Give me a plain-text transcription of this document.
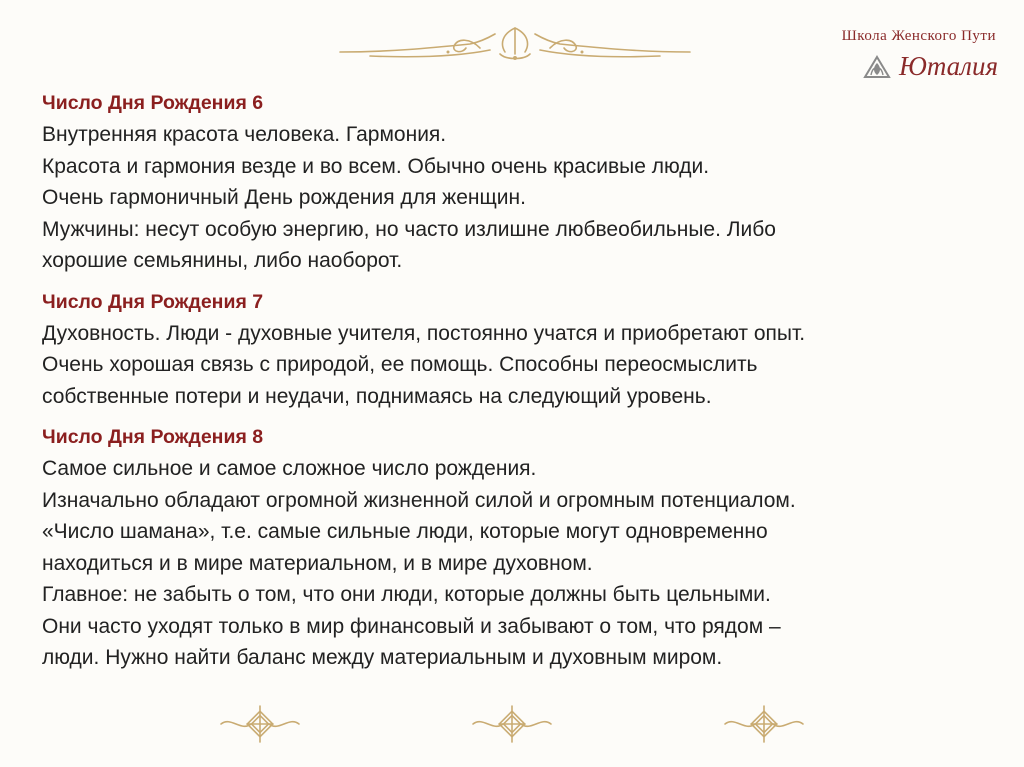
Школа Женского Пути
Юталия

Число Дня Рождения 6

Внутренняя красота человека. Гармония.

Красота и гармония везде и во всем. Обычно очень красивые люди.

Очень гармоничный День рождения для женщин.

Мужчины: несут особую энергию, но часто излишне любвеобильные. Либо

хорошие семьянины, либо наоборот.

Число Дня Рождения 7

Духовность. Люди - духовные учителя, постоянно учатся и приобретают опыт.

Очень хорошая связь с природой, ее помощь. Способны переосмыслить

собственные потери и неудачи, поднимаясь на следующий уровень.

Число Дня Рождения 8

Самое сильное и самое сложное число рождения.

Изначально обладают огромной жизненной силой и огромным потенциалом.

«Число шамана», т.е. самые сильные люди, которые могут одновременно

находиться и в мире материальном, и в мире духовном.

Главное: не забыть о том, что они люди, которые должны быть цельными.

Они часто уходят только в мир финансовый и забывают о том, что рядом –

люди. Нужно найти баланс между материальным и духовным миром.
